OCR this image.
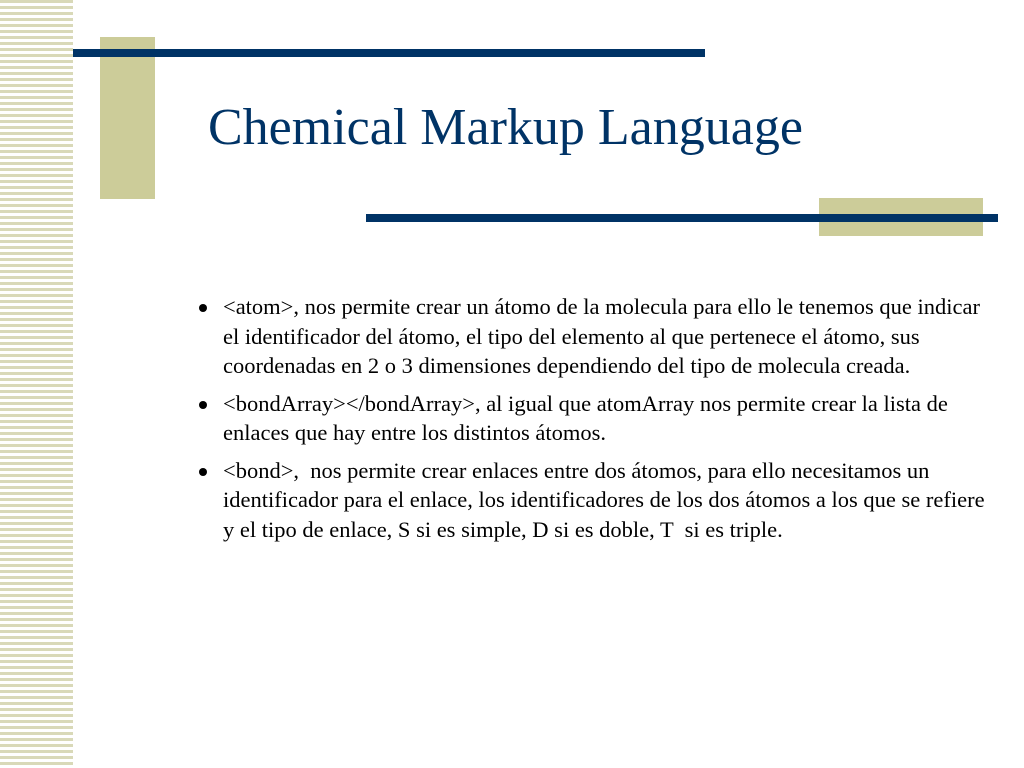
Chemical Markup Language
<atom>, nos permite crear un átomo de la molecula para ello le tenemos que indicar el identificador del átomo, el tipo del elemento al que pertenece el átomo, sus coordenadas en 2 o 3 dimensiones dependiendo del tipo de molecula creada.
<bondArray></bondArray>, al igual que atomArray nos permite crear la lista de enlaces que hay entre los distintos átomos.
<bond>,  nos permite crear enlaces entre dos átomos, para ello necesitamos un identificador para el enlace, los identificadores de los dos átomos a los que se refiere y el tipo de enlace, S si es simple, D si es doble, T  si es triple.
